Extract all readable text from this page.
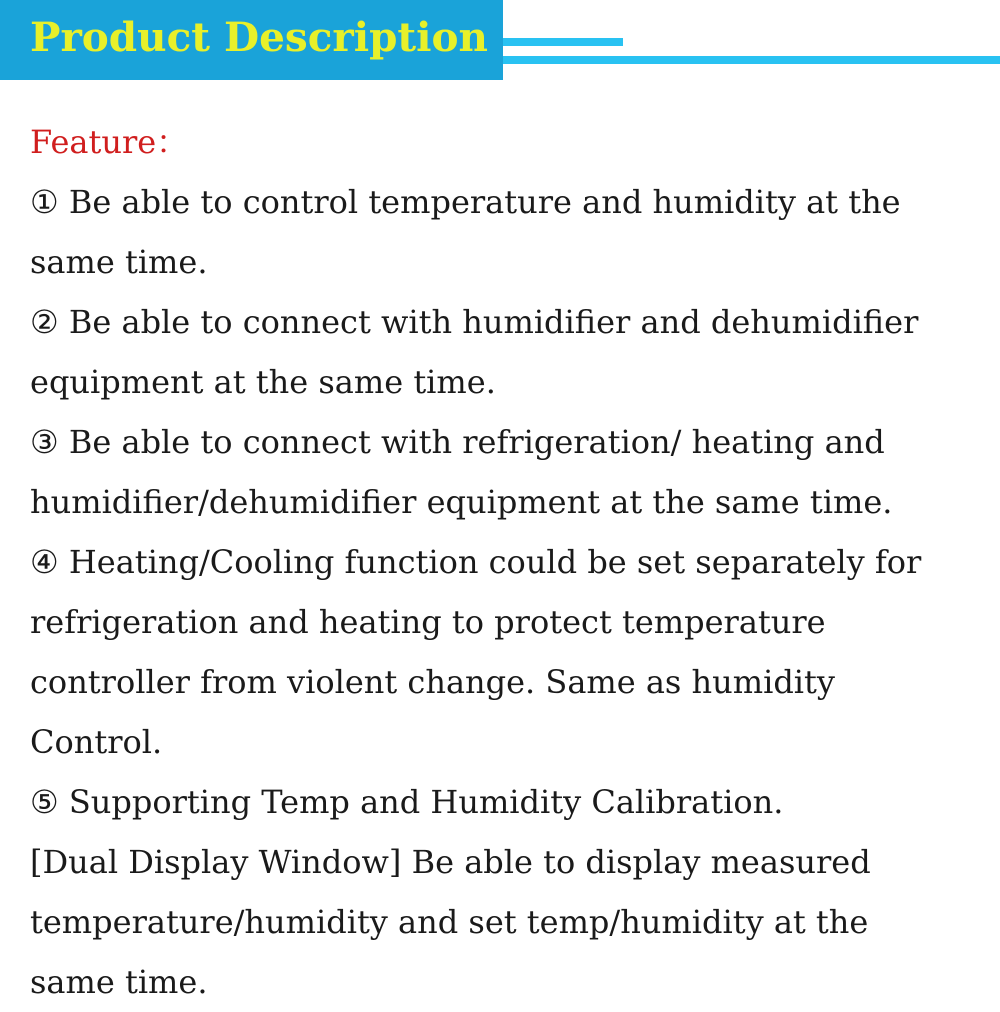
Product Description
Feature：
① Be able to control temperature and humidity at the
same time.
② Be able to connect with humidifier and dehumidifier
equipment at the same time.
③ Be able to connect with refrigeration/ heating and
humidifier/dehumidifier equipment at the same time.
④ Heating/Cooling function could be set separately for
refrigeration and heating to protect temperature
controller from violent change. Same as humidity
Control.
⑤ Supporting Temp and Humidity Calibration.
[Dual Display Window] Be able to display measured
temperature/humidity and set temp/humidity at the
same time.
